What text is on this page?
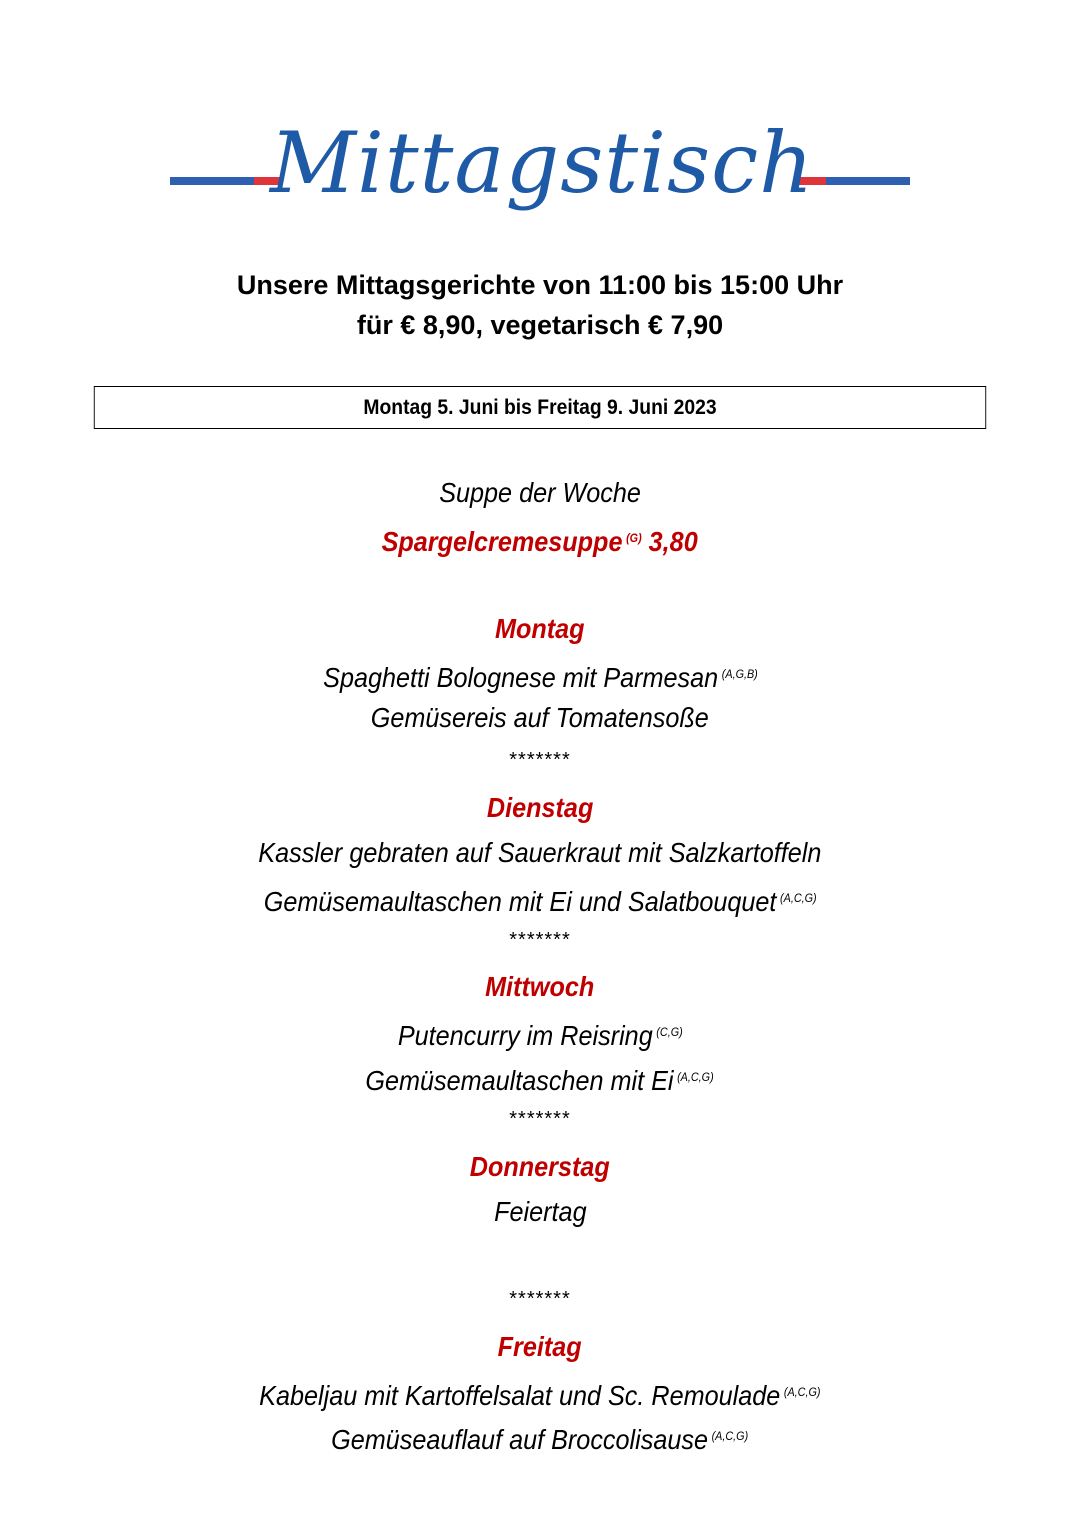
Mittagstisch
Unsere Mittagsgerichte von 11:00 bis 15:00 Uhr
für € 8,90, vegetarisch € 7,90
Montag 5. Juni bis Freitag 9. Juni 2023
Suppe der Woche
Spargelcremesuppe $^{(G)}$ 3,80
Montag
Spaghetti Bolognese mit Parmesan $^{(A,G,B)}$
Gemüsereis auf Tomatensoße
*******
Dienstag
Kassler gebraten auf Sauerkraut mit Salzkartoffeln
Gemüsemaultaschen mit Ei und Salatbouquet $^{(A,C,G)}$
*******
Mittwoch
Putencurry im Reisring $^{(C,G)}$
Gemüsemaultaschen mit Ei $^{(A,C,G)}$
*******
Donnerstag
Feiertag
*******
Freitag
Kabeljau mit Kartoffelsalat und Sc. Remoulade $^{(A,C,G)}$
Gemüseauflauf auf Broccolisause $^{(A,C,G)}$
